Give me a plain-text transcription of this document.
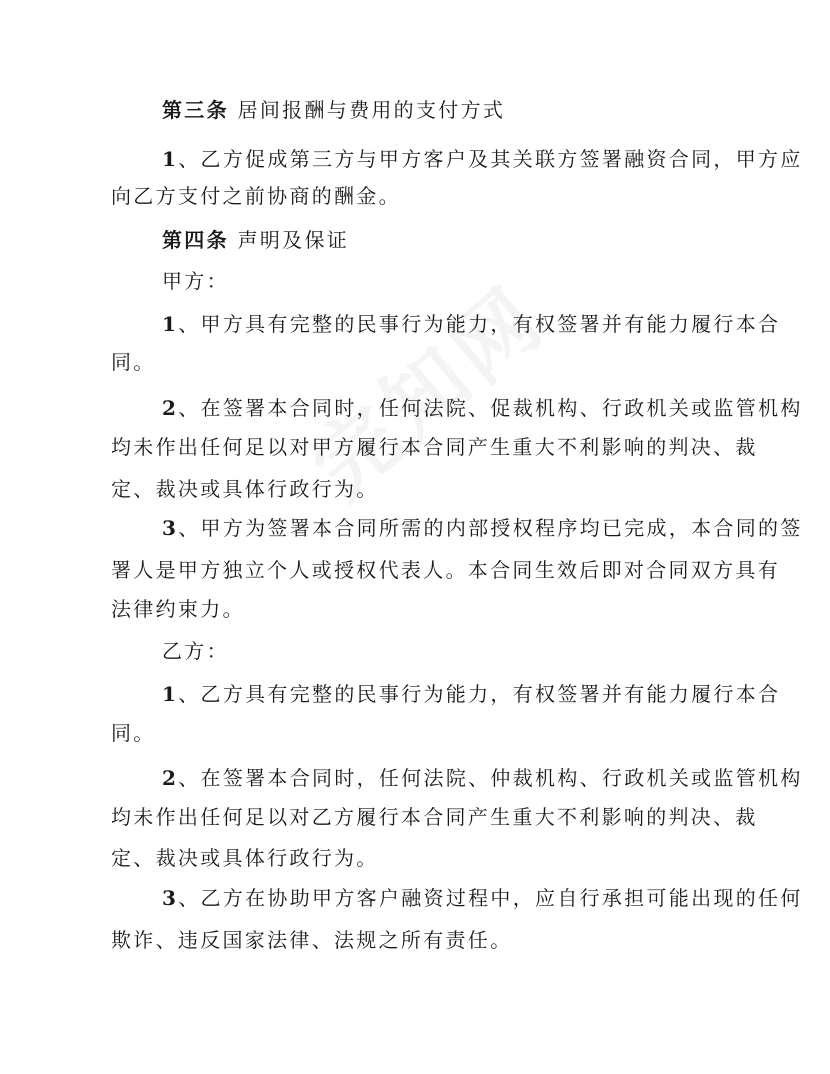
第三条 居间报酬与费用的支付方式
1、乙方促成第三方与甲方客户及其关联方签署融资合同，甲方应
向乙方支付之前协商的酬金。
第四条 声明及保证
甲方：
1、甲方具有完整的民事行为能力，有权签署并有能力履行本合
同。
2、在签署本合同时，任何法院、促裁机构、行政机关或监管机构
均未作出任何足以对甲方履行本合同产生重大不利影响的判决、裁
定、裁决或具体行政行为。
3、甲方为签署本合同所需的内部授权程序均已完成，本合同的签
署人是甲方独立个人或授权代表人。本合同生效后即对合同双方具有
法律约束力。
乙方：
1、乙方具有完整的民事行为能力，有权签署并有能力履行本合
同。
2、在签署本合同时，任何法院、仲裁机构、行政机关或监管机构
均未作出任何足以对乙方履行本合同产生重大不利影响的判决、裁
定、裁决或具体行政行为。
3、乙方在协助甲方客户融资过程中，应自行承担可能出现的任何
欺诈、违反国家法律、法规之所有责任。
